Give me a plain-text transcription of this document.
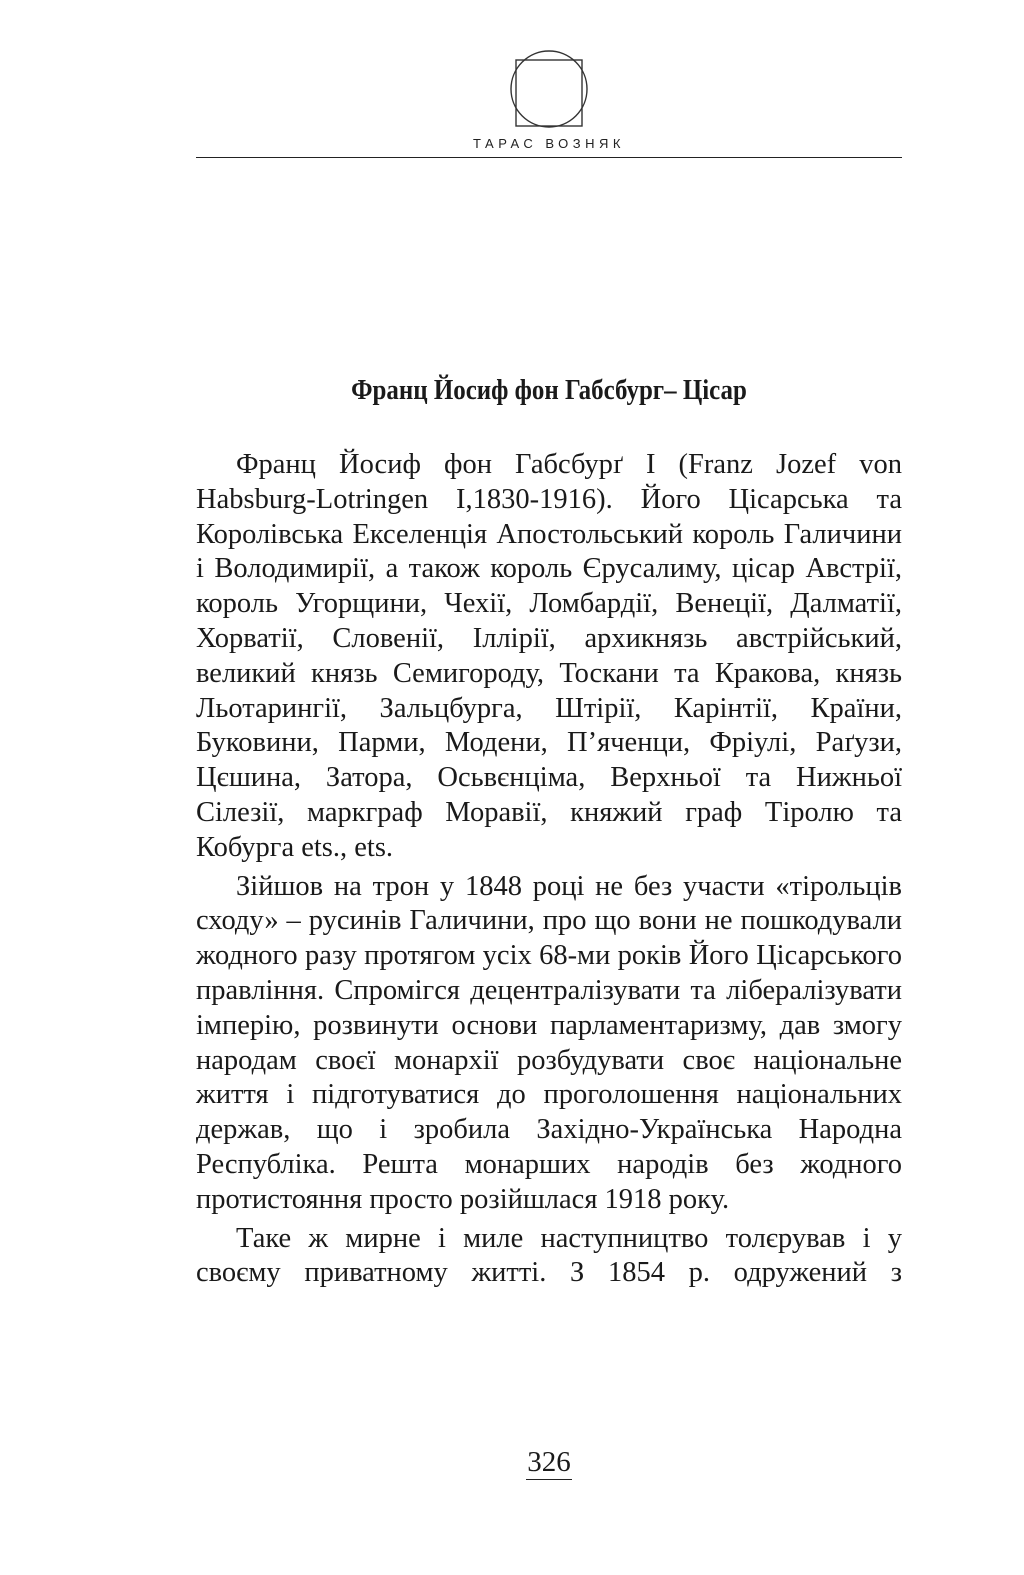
ТАРАС ВОЗНЯК
Франц Йосиф фон Габсбург– Цісар

Франц Йосиф фон Габсбурґ I (Franz Jozef von Habsburg-Lotringen I,1830-1916). Його Цісарська та Королівська Екселенція Апостольський король Галичини і Володимирії, а також король Єрусалиму, цісар Австрії, король Угорщини, Чехії, Ломбардії, Венеції, Далматії, Хорватії, Словенії, Іллірії, архикнязь австрійський, великий князь Семигороду, Тоскани та Кракова, князь Льотарингії, Зальцбурга, Штірії, Карінтії, Країни, Буковини, Парми, Модени, П’яченци, Фріулі, Раґузи, Цєшина, Затора, Осьвєнціма, Верхньої та Нижньої Сілезії, маркграф Моравії, княжий граф Тіролю та Кобурга ets., ets.

Зійшов на трон у 1848 році не без участи «тірольців сходу» – русинів Галичини, про що вони не пошкодували жодного разу протягом усіх 68-ми років Його Цісарського правління. Спромігся децентралізувати та лібералізувати імперію, розвинути основи парламентаризму, дав змогу народам своєї монархії розбудувати своє національне життя і підготуватися до проголошення національних держав, що і зробила Західно-Українська Народна Республіка. Решта монарших народів без жодного протистояння просто розійшлася 1918 року.

Таке ж мирне і миле наступництво толєрував і у своєму приватному житті. З 1854 р. одружений з

326
